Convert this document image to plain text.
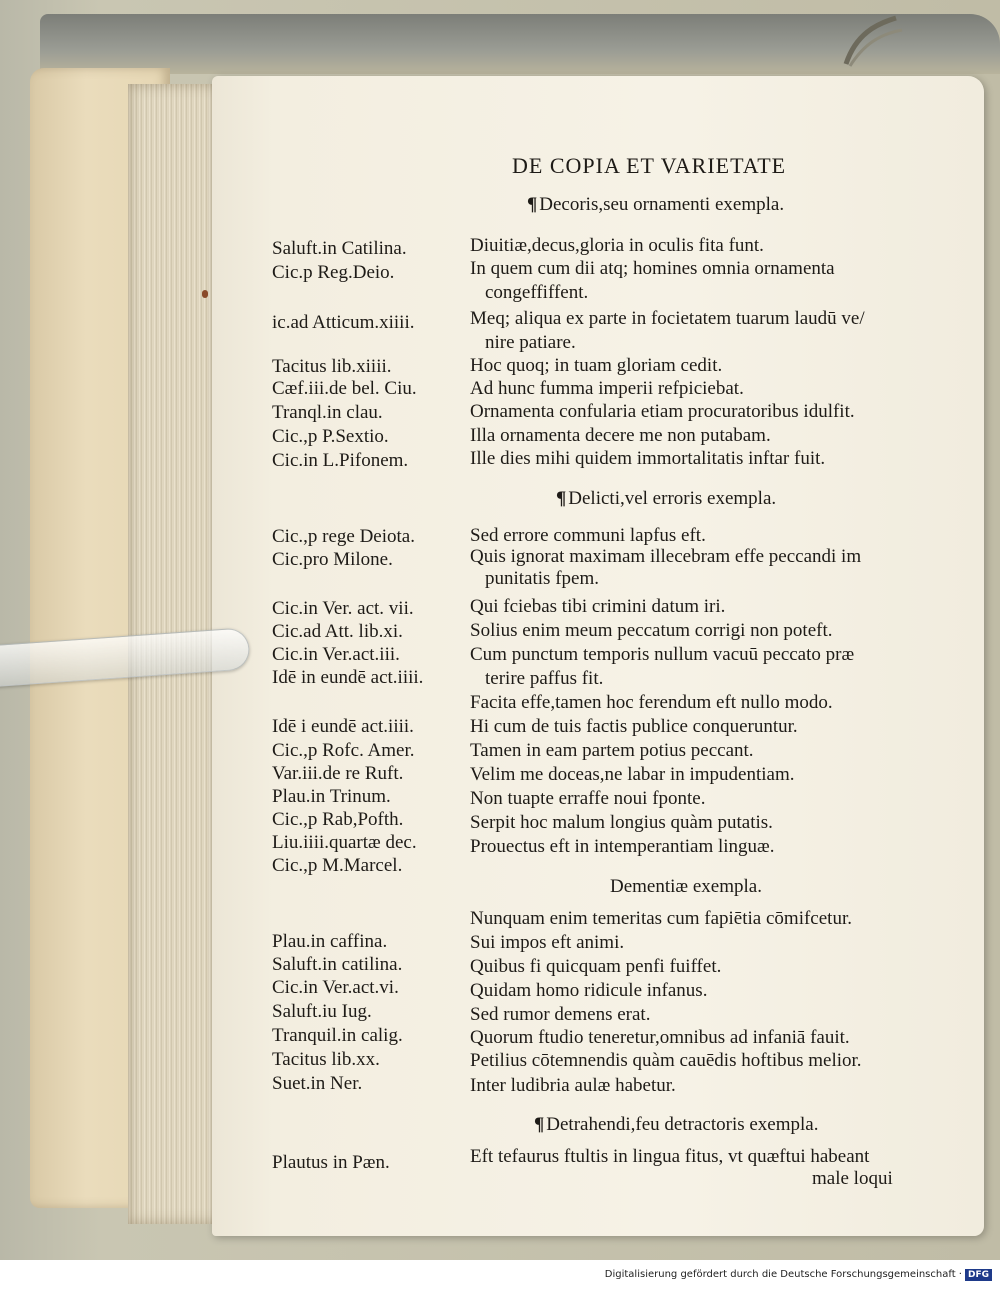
DE COPIA ET VARIETATE
¶ Decoris,seu ornamenti exempla.
Saluft.in Catilina.	Diuitiæ,decus,gloria in oculis fita funt.
Cic.p Reg.Deio.	In quem cum dii atq; homines omnia ornamenta
congeffiffent.
ic.ad Atticum.xiiii.	Meq; aliqua ex parte in focietatem tuarum laudū ve/
nire patiare.
Tacitus lib.xiiii.	Hoc quoq; in tuam gloriam cedit.
Cæf.iii.de bel. Ciu.	Ad hunc fumma imperii refpiciebat.
Tranql.in clau.	Ornamenta confularia etiam procuratoribus idulfit.
Cic.,p P.Sextio.	Illa ornamenta decere me non putabam.
Cic.in L.Pifonem.	Ille dies mihi quidem immortalitatis inftar fuit.
¶ Delicti,vel erroris exempla.
Cic.,p rege Deiota.	Sed errore communi lapfus eft.
Cic.pro Milone.	Quis ignorat maximam illecebram effe peccandi im
punitatis fpem.
Cic.in Ver. act. vii.	Qui fciebas tibi crimini datum iri.
Cic.ad Att. lib.xi.	Solius enim meum peccatum corrigi non poteft.
Cic.in Ver.act.iii.	Cum punctum temporis nullum vacuū peccato præ
Idē in eundē act.iiii.	terire paffus fit.
Facita effe,tamen hoc ferendum eft nullo modo.
Idē i eundē act.iiii.	Hi cum de tuis factis publice conqueruntur.
Cic.,p Rofc. Amer.	Tamen in eam partem potius peccant.
Var.iii.de re Ruft.	Velim me doceas,ne labar in impudentiam.
Plau.in Trinum.	Non tuapte erraffe noui fponte.
Cic.,p Rab,Pofth.	Serpit hoc malum longius quàm putatis.
Liu.iiii.quartæ dec.	Prouectus eft in intemperantiam linguæ.
Cic.,p M.Marcel.
Dementiæ exempla.
Nunquam enim temeritas cum fapiētia cōmifcetur.
Plau.in caffina.	Sui impos eft animi.
Saluft.in catilina.	Quibus fi quicquam penfi fuiffet.
Cic.in Ver.act.vi.	Quidam homo ridicule infanus.
Saluft.iu Iug.	Sed rumor demens erat.
Tranquil.in calig.	Quorum ftudio teneretur,omnibus ad infaniā fauit.
Tacitus lib.xx.	Petilius cōtemnendis quàm cauēdis hoftibus melior.
Suet.in Ner.	Inter ludibria aulæ habetur.
¶ Detrahendi,feu detractoris exempla.
Plautus in Pæn.	Eft tefaurus ftultis in lingua fitus, vt quæftui habeant
male loqui
Digitalisierung gefördert durch die Deutsche Forschungsgemeinschaft · DFG
